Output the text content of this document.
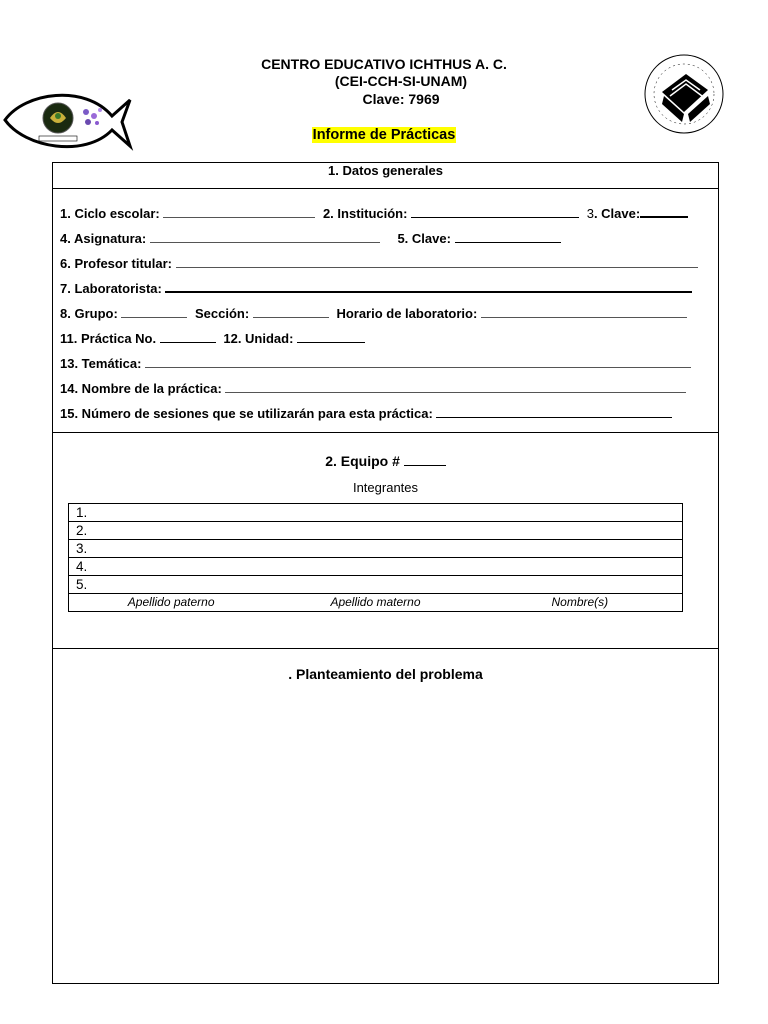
CENTRO EDUCATIVO ICHTHUS A. C.
(CEI-CCH-SI-UNAM)
Clave: 7969
Informe de Prácticas
1. Datos generales
1. Ciclo escolar:	2. Institución:	3. Clave:
4. Asignatura:	5. Clave:
6. Profesor titular:
7. Laboratorista:
8. Grupo:	Sección:	Horario de laboratorio:
11. Práctica No.	12. Unidad:
13. Temática:
14. Nombre de la práctica:
15. Número de sesiones que se utilizarán para esta práctica:
2. Equipo #
Integrantes
1.
2.
3.
4.
5.

Apellido paterno	Apellido materno	Nombre(s)
. Planteamiento del problema
